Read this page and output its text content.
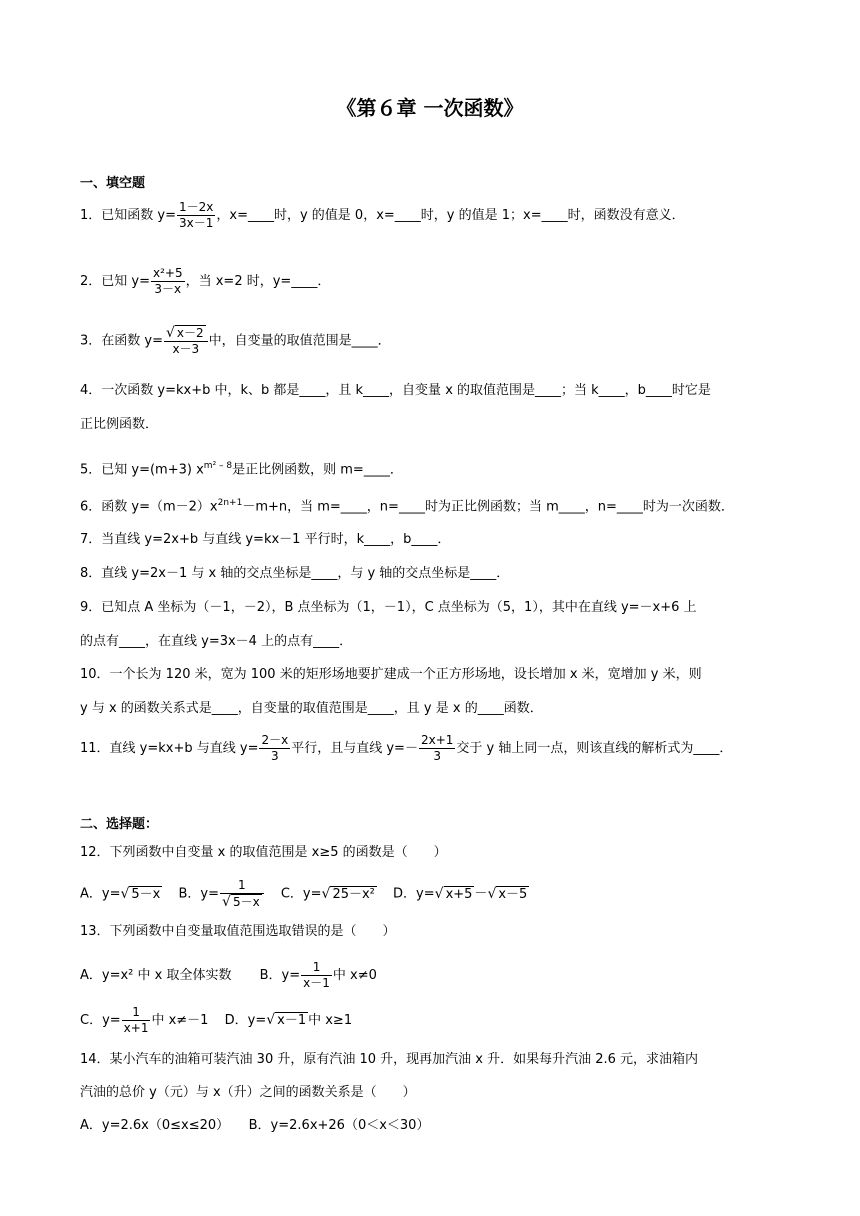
《第６章 一次函数》
一、填空题
1．已知函数 $y= \frac{1-2x}{3x-1}$ ，x=____时，y 的值是 0，x=____时，y 的值是 1；x=____时，函数没有意义．
2．已知 $y= \frac{\text{x²+5}}{3-x}$ ，当 x=2 时，y=____．
3．在函数 $y= \frac{√ x-2}{x-3}$ 中，自变量的取值范围是____．
4．一次函数 y=kx+b 中，k、b 都是____，且 k____，自变量 x 的取值范围是____；当 k____，b____时它是
正比例函数．
5．已知 y=(m+3) $x^{m^2 - 8}$是正比例函数，则 m=____．
6．函数 $y=(m-2)x^{2n+1}-m+n$，当 m=____，n=____时为正比例函数；当 m____，n=____时为一次函数．
7．当直线 y=2x+b 与直线 y=kx－1 平行时，k____，b____．
8．直线 y=2x－1 与 x 轴的交点坐标是____，与 y 轴的交点坐标是____．
9．已知点 A 坐标为（－1，－2），B 点坐标为（1，－1），C 点坐标为（5，1），其中在直线 y=－x+6 上
的点有____，在直线 y=3x－4 上的点有____．
10．一个长为 120 米，宽为 100 米的矩形场地要扩建成一个正方形场地，设长增加 x 米，宽增加 y 米，则
y 与 x 的函数关系式是____，自变量的取值范围是____，且 y 是 x 的____函数．
11．直线 y=kx+b 与直线 $y= \frac{2-x}{3}$ 平行，且与直线 $y=- \frac{2x+1}{3}$ 交于 y 轴上同一点，则该直线的解析式为____．
二、选择题：
12．下列函数中自变量 x 的取值范围是 x≥5 的函数是（　　）
A．y=√ 5－x B．$y= \frac{1}{√ 5-x}$ C．y=√ 25－x² D．y=√ x+5 －√ x－5
13．下列函数中自变量取值范围选取错误的是（　　）
A．y=x² 中 x 取全体实数 B．$y= \frac{1}{x-1}$ 中 x≠0
C．$y= \frac{1}{x+1}$ 中 x≠－1 D．y=√ x－1 中 x≥1
14．某小汽车的油箱可装汽油 30 升，原有汽油 10 升，现再加汽油 x 升．如果每升汽油 2.6 元，求油箱内
汽油的总价 y（元）与 x（升）之间的函数关系是（　　）
A．y=2.6x（0≤x≤20）　　B．y=2.6x+26（0＜x＜30）
